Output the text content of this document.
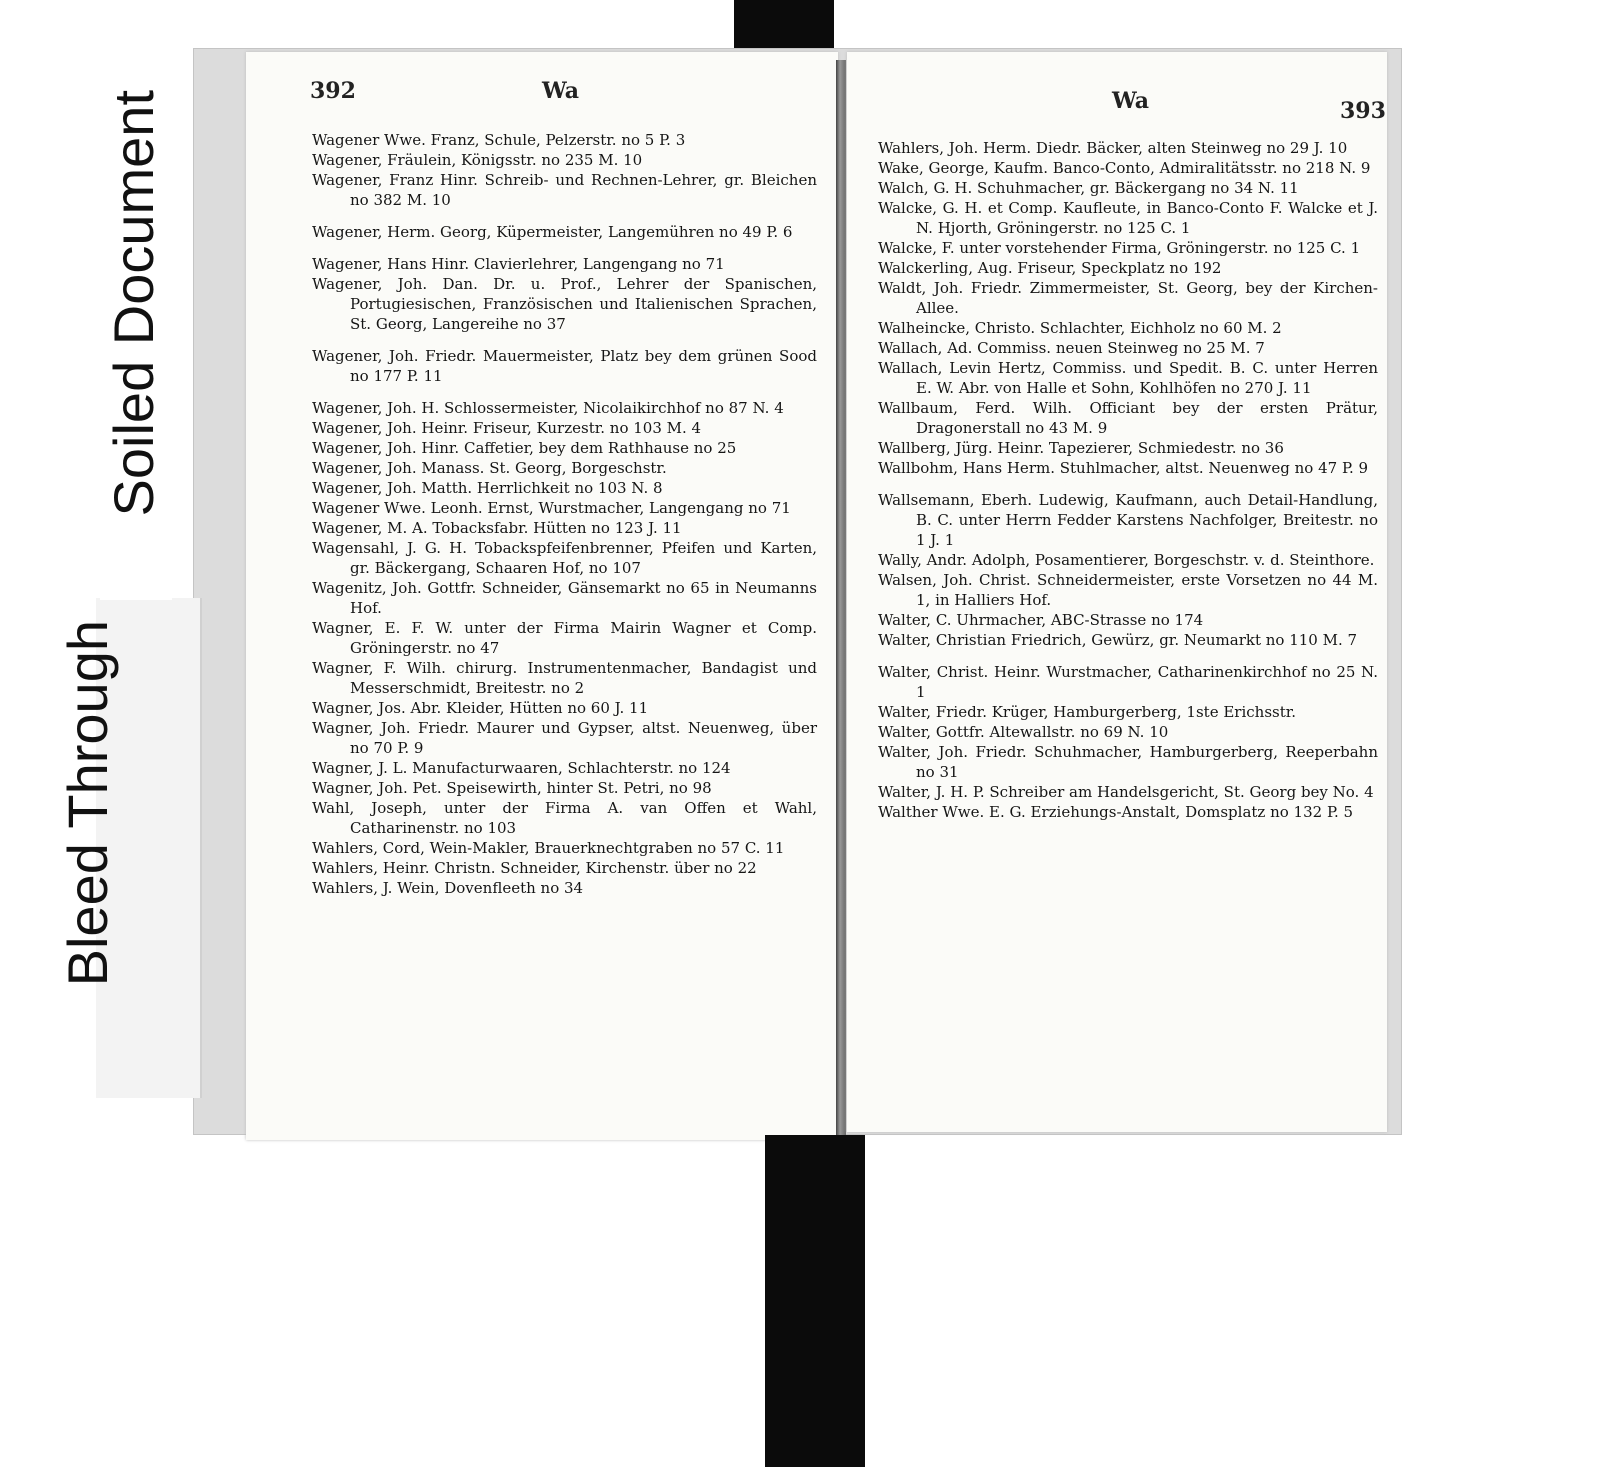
Soiled Document
Bleed Through
392	Wa	Wa	393

Wagener Wwe. Franz, Schule, Pelzerstr. no 5 P. 3

Wagener, Fräulein, Königsstr. no 235 M. 10

Wagener, Franz Hinr. Schreib- und Rechnen-Lehrer, gr. Bleichen no 382 M. 10

Wagener, Herm. Georg, Küpermeister, Langemühren no 49 P. 6

Wagener, Hans Hinr. Clavierlehrer, Langengang no 71

Wagener, Joh. Dan. Dr. u. Prof., Lehrer der Spanischen, Portugiesischen, Französischen und Italienischen Sprachen, St. Georg, Langereihe no 37

Wagener, Joh. Friedr. Mauermeister, Platz bey dem grünen Sood no 177 P. 11

Wagener, Joh. H. Schlossermeister, Nicolaikirchhof no 87 N. 4

Wagener, Joh. Heinr. Friseur, Kurzestr. no 103 M. 4

Wagener, Joh. Hinr. Caffetier, bey dem Rathhause no 25

Wagener, Joh. Manass. St. Georg, Borgeschstr.

Wagener, Joh. Matth. Herrlichkeit no 103 N. 8

Wagener Wwe. Leonh. Ernst, Wurstmacher, Langengang no 71

Wagener, M. A. Tobacksfabr. Hütten no 123 J. 11

Wagensahl, J. G. H. Tobackspfeifenbrenner, Pfeifen und Karten, gr. Bäckergang, Schaaren Hof, no 107

Wagenitz, Joh. Gottfr. Schneider, Gänsemarkt no 65 in Neumanns Hof.

Wagner, E. F. W. unter der Firma Mairin Wagner et Comp. Gröningerstr. no 47

Wagner, F. Wilh. chirurg. Instrumentenmacher, Bandagist und Messerschmidt, Breitestr. no 2

Wagner, Jos. Abr. Kleider, Hütten no 60 J. 11

Wagner, Joh. Friedr. Maurer und Gypser, altst. Neuenweg, über no 70 P. 9

Wagner, J. L. Manufacturwaaren, Schlachterstr. no 124

Wagner, Joh. Pet. Speisewirth, hinter St. Petri, no 98

Wahl, Joseph, unter der Firma A. van Offen et Wahl, Catharinenstr. no 103

Wahlers, Cord, Wein-Makler, Brauerknechtgraben no 57 C. 11

Wahlers, Heinr. Christn. Schneider, Kirchenstr. über no 22

Wahlers, J. Wein, Dovenfleeth no 34

Wahlers, Joh. Herm. Diedr. Bäcker, alten Steinweg no 29 J. 10

Wake, George, Kaufm. Banco-Conto, Admiralitätsstr. no 218 N. 9

Walch, G. H. Schuhmacher, gr. Bäckergang no 34 N. 11

Walcke, G. H. et Comp. Kaufleute, in Banco-Conto F. Walcke et J. N. Hjorth, Gröningerstr. no 125 C. 1

Walcke, F. unter vorstehender Firma, Gröningerstr. no 125 C. 1

Walckerling, Aug. Friseur, Speckplatz no 192

Waldt, Joh. Friedr. Zimmermeister, St. Georg, bey der Kirchen-Allee.

Walheincke, Christo. Schlachter, Eichholz no 60 M. 2

Wallach, Ad. Commiss. neuen Steinweg no 25 M. 7

Wallach, Levin Hertz, Commiss. und Spedit. B. C. unter Herren E. W. Abr. von Halle et Sohn, Kohlhöfen no 270 J. 11

Wallbaum, Ferd. Wilh. Officiant bey der ersten Prätur, Dragonerstall no 43 M. 9

Wallberg, Jürg. Heinr. Tapezierer, Schmiedestr. no 36

Wallbohm, Hans Herm. Stuhlmacher, altst. Neuenweg no 47 P. 9

Wallsemann, Eberh. Ludewig, Kaufmann, auch Detail-Handlung, B. C. unter Herrn Fedder Karstens Nachfolger, Breitestr. no 1 J. 1

Wally, Andr. Adolph, Posamentierer, Borgeschstr. v. d. Steinthore.

Walsen, Joh. Christ. Schneidermeister, erste Vorsetzen no 44 M. 1, in Halliers Hof.

Walter, C. Uhrmacher, ABC-Strasse no 174

Walter, Christian Friedrich, Gewürz, gr. Neumarkt no 110 M. 7

Walter, Christ. Heinr. Wurstmacher, Catharinenkirchhof no 25 N. 1

Walter, Friedr. Krüger, Hamburgerberg, 1ste Erichsstr.

Walter, Gottfr. Altewallstr. no 69 N. 10

Walter, Joh. Friedr. Schuhmacher, Hamburgerberg, Reeperbahn no 31

Walter, J. H. P. Schreiber am Handelsgericht, St. Georg bey No. 4

Walther Wwe. E. G. Erziehungs-Anstalt, Domsplatz no 132 P. 5
